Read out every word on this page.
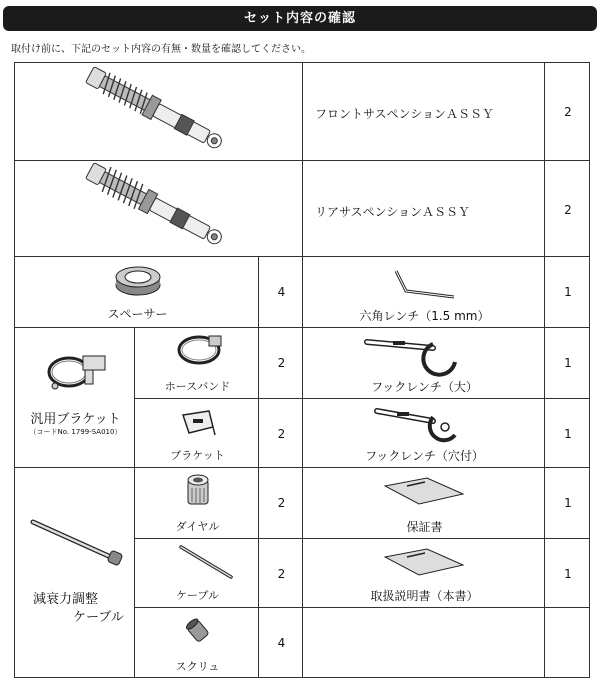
セット内容の確認
取付け前に、下記のセット内容の有無・数量を確認してください。
フロントサスペンションＡＳＳＹ	2
リアサスペンションＡＳＳＹ	2
スペーサー
4
六角レンチ（1.5 mm）
1
汎用ブラケット
（コードNo. 1799-SA010）
ホースバンド
2
ブラケット
2
フックレンチ（大）
1
フックレンチ（穴付）
1
減衰力調整
ケーブル
ダイヤル
2
ケーブル
2
スクリュ
4
保証書
1
取扱説明書（本書）
1
